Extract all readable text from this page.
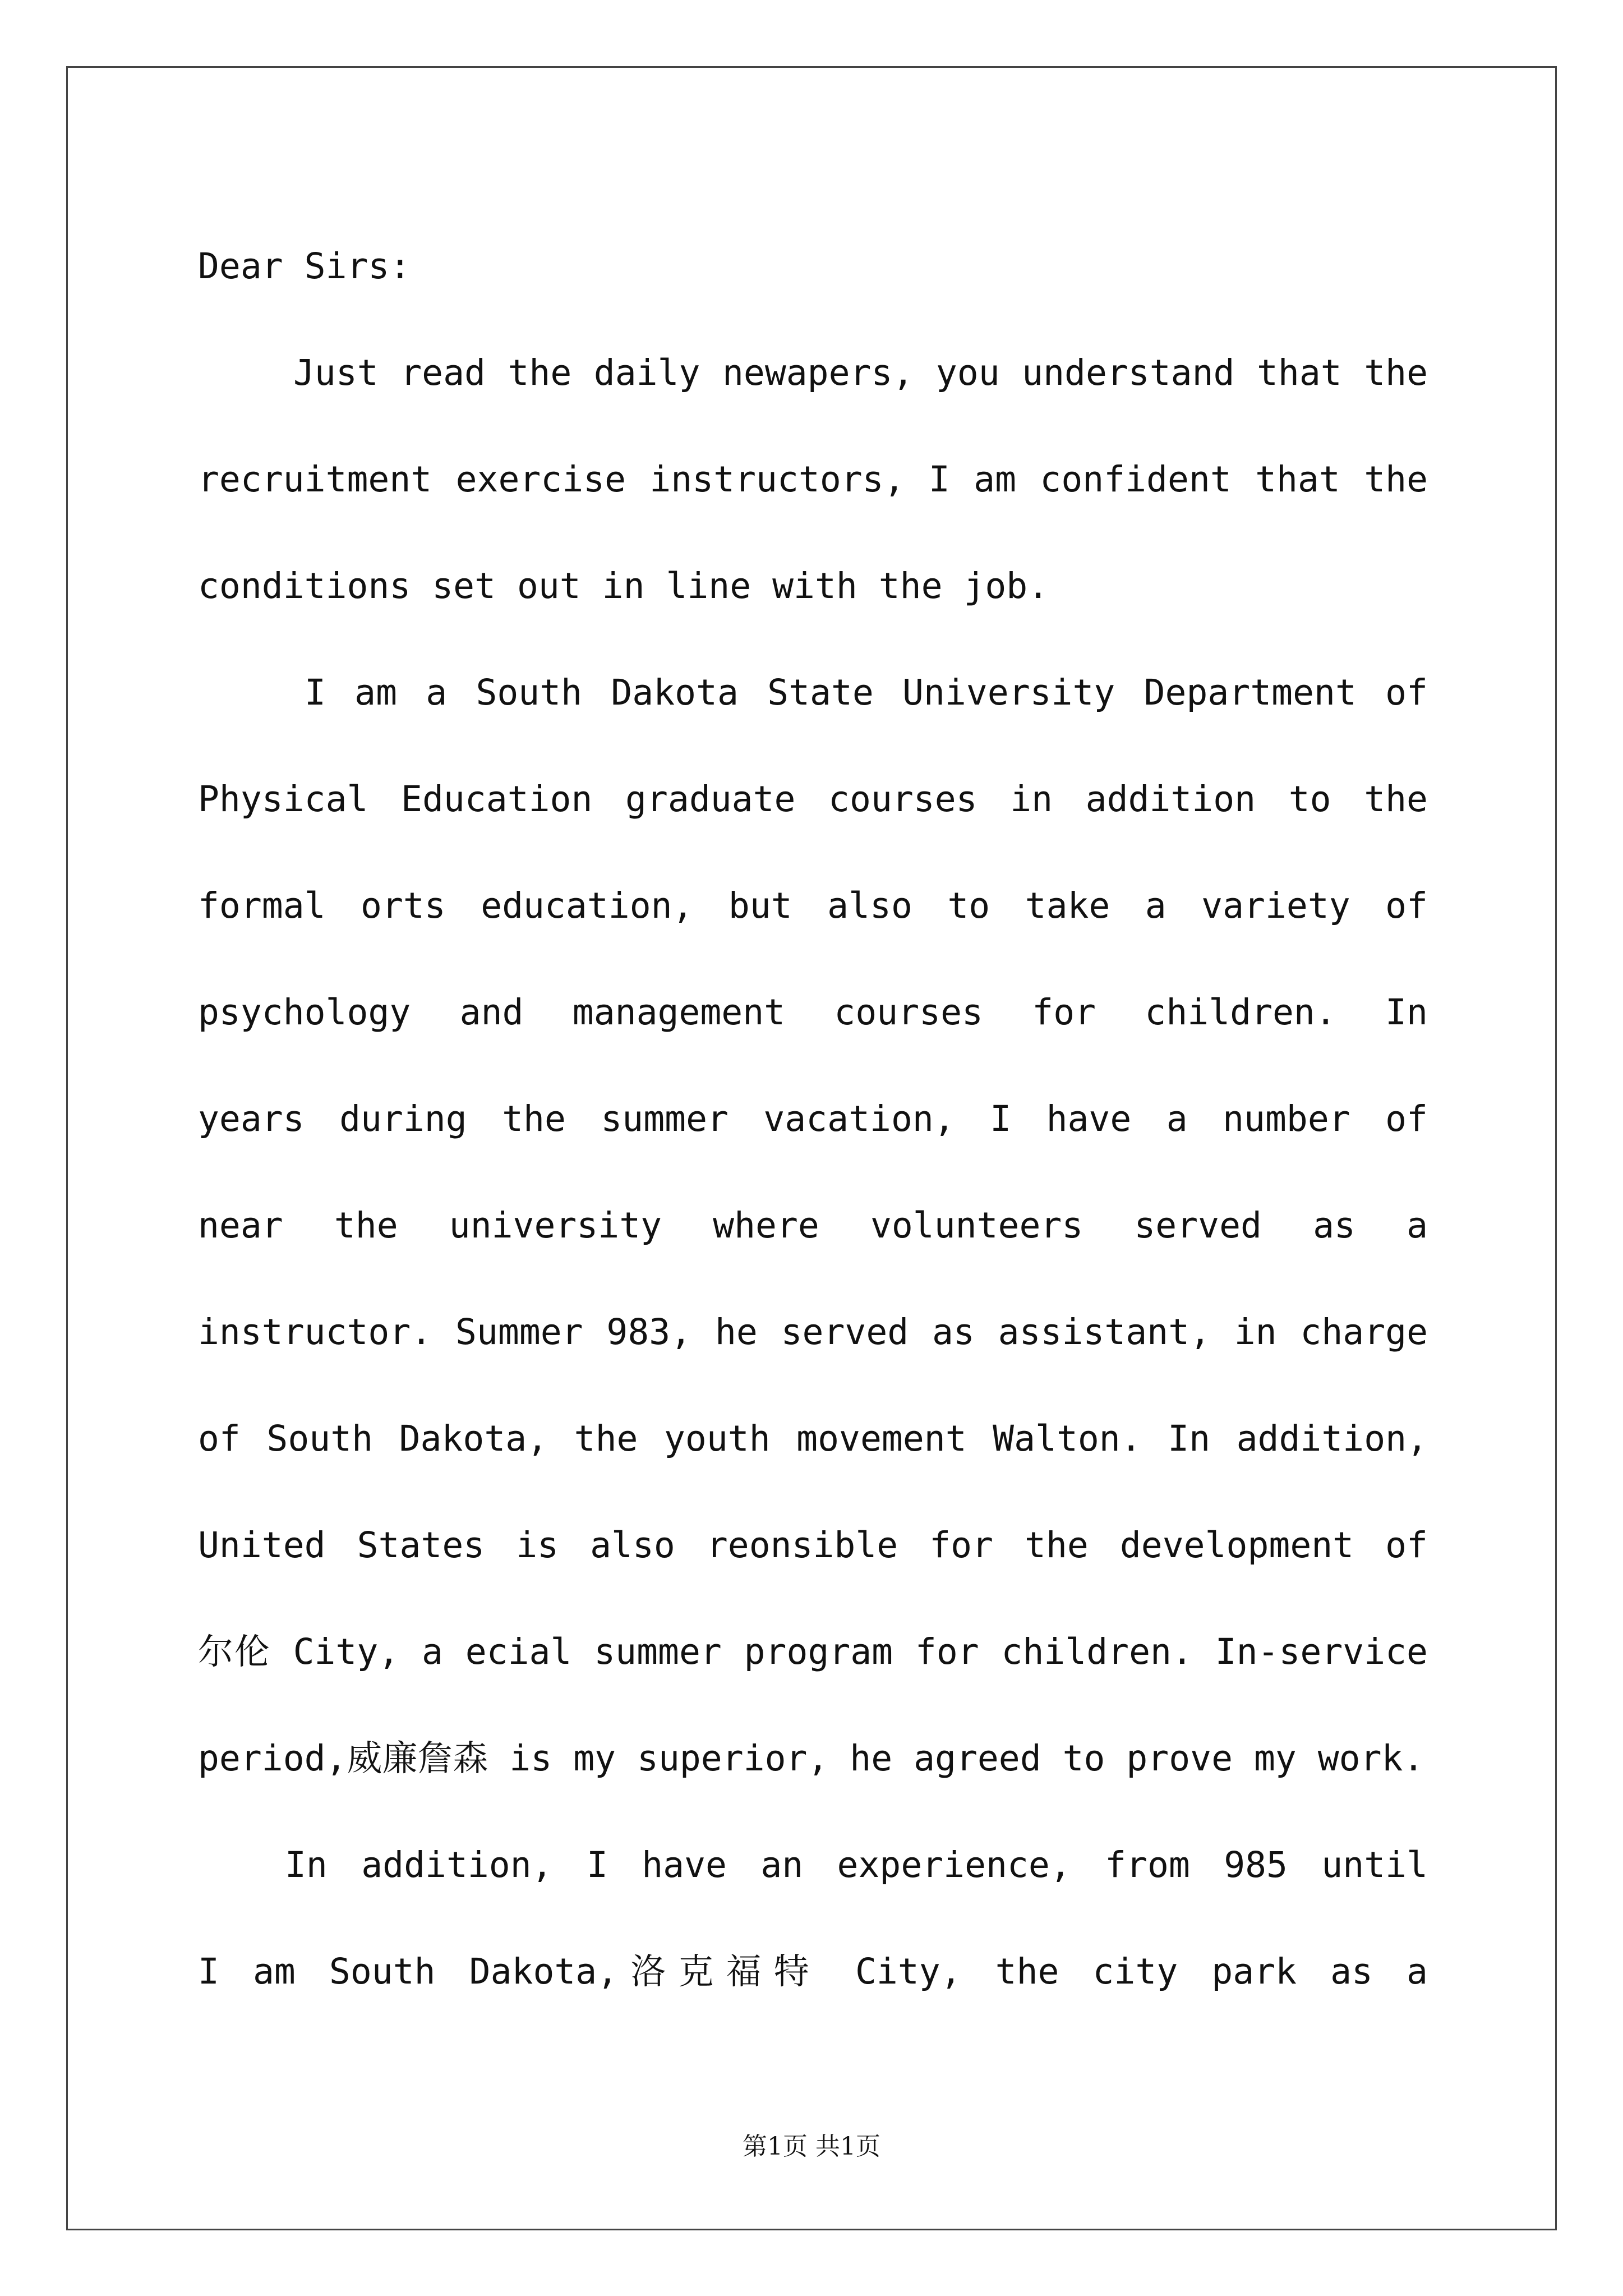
Dear Sirs:
Just read the daily newapers, you understand that the
recruitment exercise instructors, I am confident that the
conditions set out in line with the job.
I am a South Dakota State University Department of
Physical Education graduate courses in addition to the
formal orts education, but also to take a variety of
psychology and management courses for children. In
years during the summer vacation, I have a number of
near the university where volunteers served as a
instructor. Summer 983, he served as assistant, in charge
of South Dakota, the youth movement Walton. In addition,
United States is also reonsible for the development of
尔伦 City, a ecial summer program for children. In-service
period,威廉詹森 is my superior, he agreed to prove my work.
In addition, I have an experience, from 985 until
I am South Dakota,洛克福特 City, the city park as a
第1页 共1页
